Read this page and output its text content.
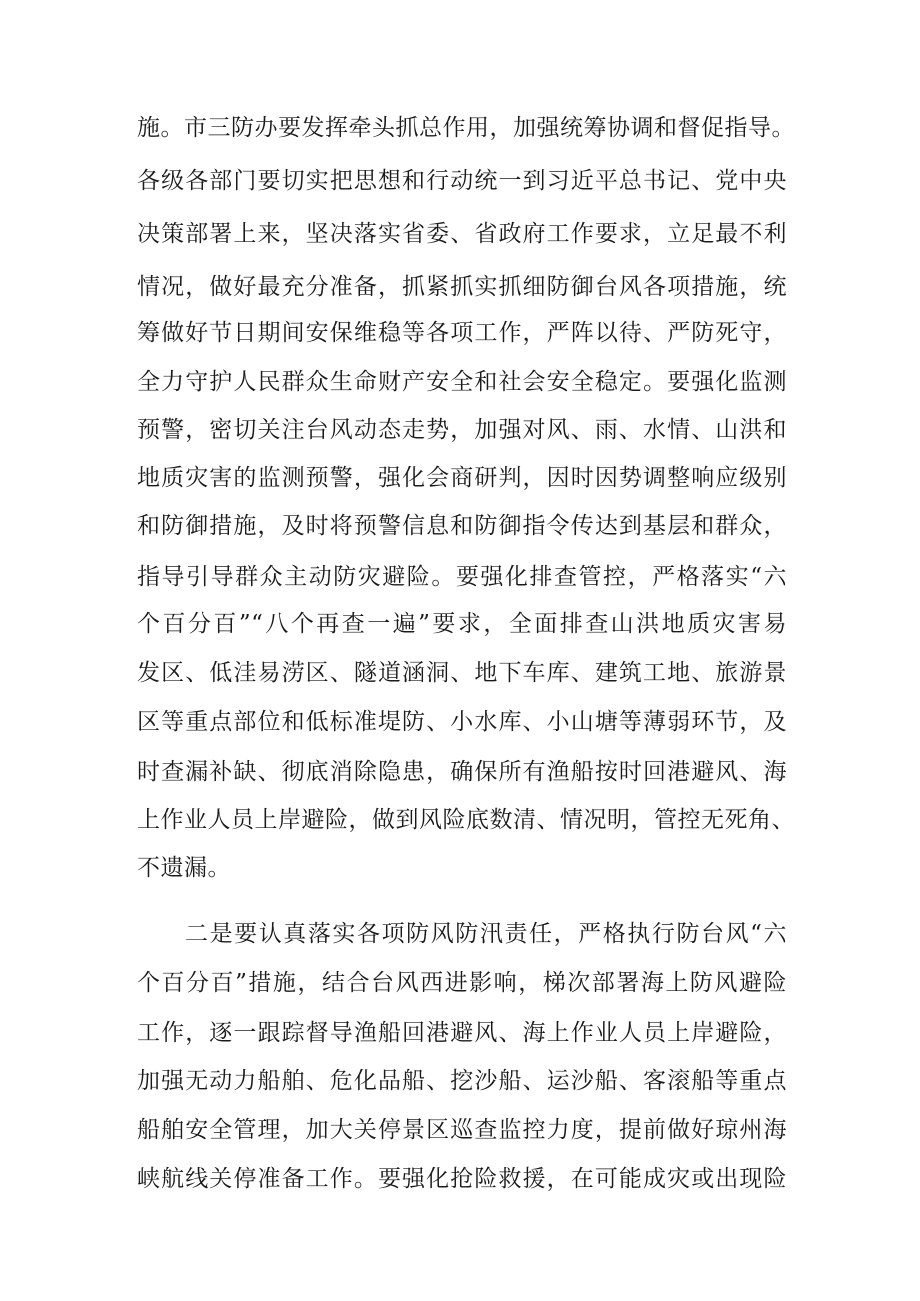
施。市三防办要发挥牵头抓总作用，加强统筹协调和督促指导。

各级各部门要切实把思想和行动统一到习近平总书记、党中央

决策部署上来，坚决落实省委、省政府工作要求，立足最不利

情况，做好最充分准备，抓紧抓实抓细防御台风各项措施，统

筹做好节日期间安保维稳等各项工作，严阵以待、严防死守，

全力守护人民群众生命财产安全和社会安全稳定。要强化监测

预警，密切关注台风动态走势，加强对风、雨、水情、山洪和

地质灾害的监测预警，强化会商研判，因时因势调整响应级别

和防御措施，及时将预警信息和防御指令传达到基层和群众，

指导引导群众主动防灾避险。要强化排查管控，严格落实“六

个百分百”“八个再查一遍”要求，全面排查山洪地质灾害易

发区、低洼易涝区、隧道涵洞、地下车库、建筑工地、旅游景

区等重点部位和低标准堤防、小水库、小山塘等薄弱环节，及

时查漏补缺、彻底消除隐患，确保所有渔船按时回港避风、海

上作业人员上岸避险，做到风险底数清、情况明，管控无死角、

不遗漏。

二是要认真落实各项防风防汛责任，严格执行防台风“六

个百分百”措施，结合台风西进影响，梯次部署海上防风避险

工作，逐一跟踪督导渔船回港避风、海上作业人员上岸避险，

加强无动力船舶、危化品船、挖沙船、运沙船、客滚船等重点

船舶安全管理，加大关停景区巡查监控力度，提前做好琼州海

峡航线关停准备工作。要强化抢险救援，在可能成灾或出现险
